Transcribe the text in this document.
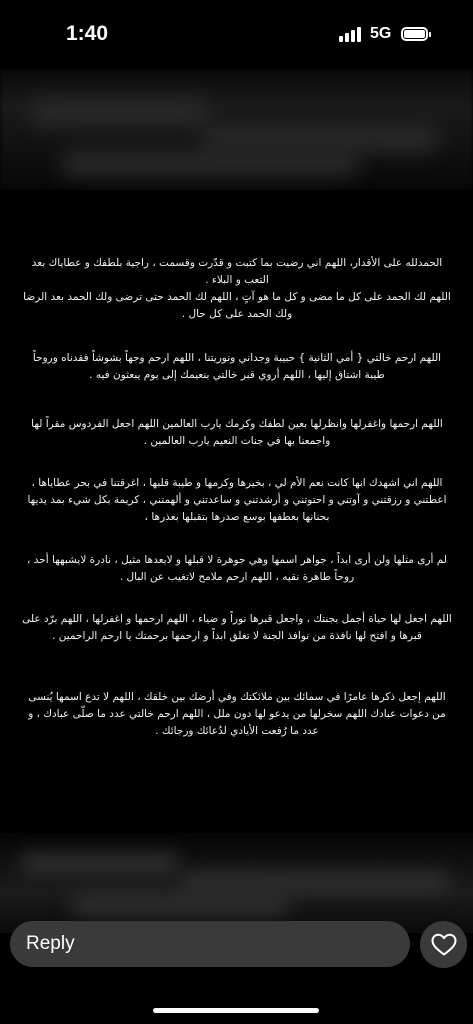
1:40	5G
الحمدلله على الأقدار، اللهم اني رضيت بما كتبت و قدّرت وقسمت ، راجية بلطفك و عطاياك بعد التعب و البلاء .
اللهم لك الحمد على كل ما مضى و كل ما هو آتٍ ، اللهم لك الحمد حتى ترضى ولك الحمد بعد الرضا ولك الحمد على كل حال .
اللهم ارحم خالتي { أمي الثانية } حبيبة وجداني ونوريتنا ، اللهم ارحم وجهاً بشوشاً فقدناه وروحاً طيبة اشتاق إليها ، اللهم أروي قبر خالتي بنعيمك إلى يوم يبعثون فيه .
اللهم ارحمها واغفرلها وانظرلها بعين لطفك وكرمك يارب العالمين اللهم اجعل الفردوس مقراً لها واجمعنا بها في جنات النعيم يارب العالمين .
اللهم اني اشهدك انها كانت نعم الأم لي ، بخيرها وكرمها و طيبة قلبها ، اغرقتنا في بحر عطاياها ، اعطتني و رزقتني و آوتني و احتوتني و أرشدتني و ساعدتني و ألهمتني ، كريمة بكل شيء بمد يديها بحنانها بعطفها بوسع صدرها بتقبلها بعذرها ،
لم أرى مثلها ولن أرى ابداً ، جواهر اسمها وهي جوهرة لا قبلها و لابعدها مثيل ، نادرة لايشبهها أحد ، روحاً طاهرة نقيه ، اللهم ارحم ملامح لاتغيب عن البال .
اللهم اجعل لها حياة أجمل بجنتك ، واجعل قبرها نوراً و ضياء ، اللهم ارحمها و اغفرلها ، اللهم برّد على قبرها و افتح لها نافذة من نوافذ الجنة لا تغلق ابداً و ارحمها برحمتك يا ارحم الراحمين .
اللهم إجعل ذكرها عامرًا في سمائك بين ملائكتك وفي أرضك بين خلقك ، اللهم لا تدع اسمها يُنسى من دعوات عبادك اللهم سخرلها من يدعو لها دون ملل ، اللهم ارحم خالتي عدد ما صلّى عبادك ، و عدد ما رُفعت الأيادي لدُعائك ورجائك .
Reply
